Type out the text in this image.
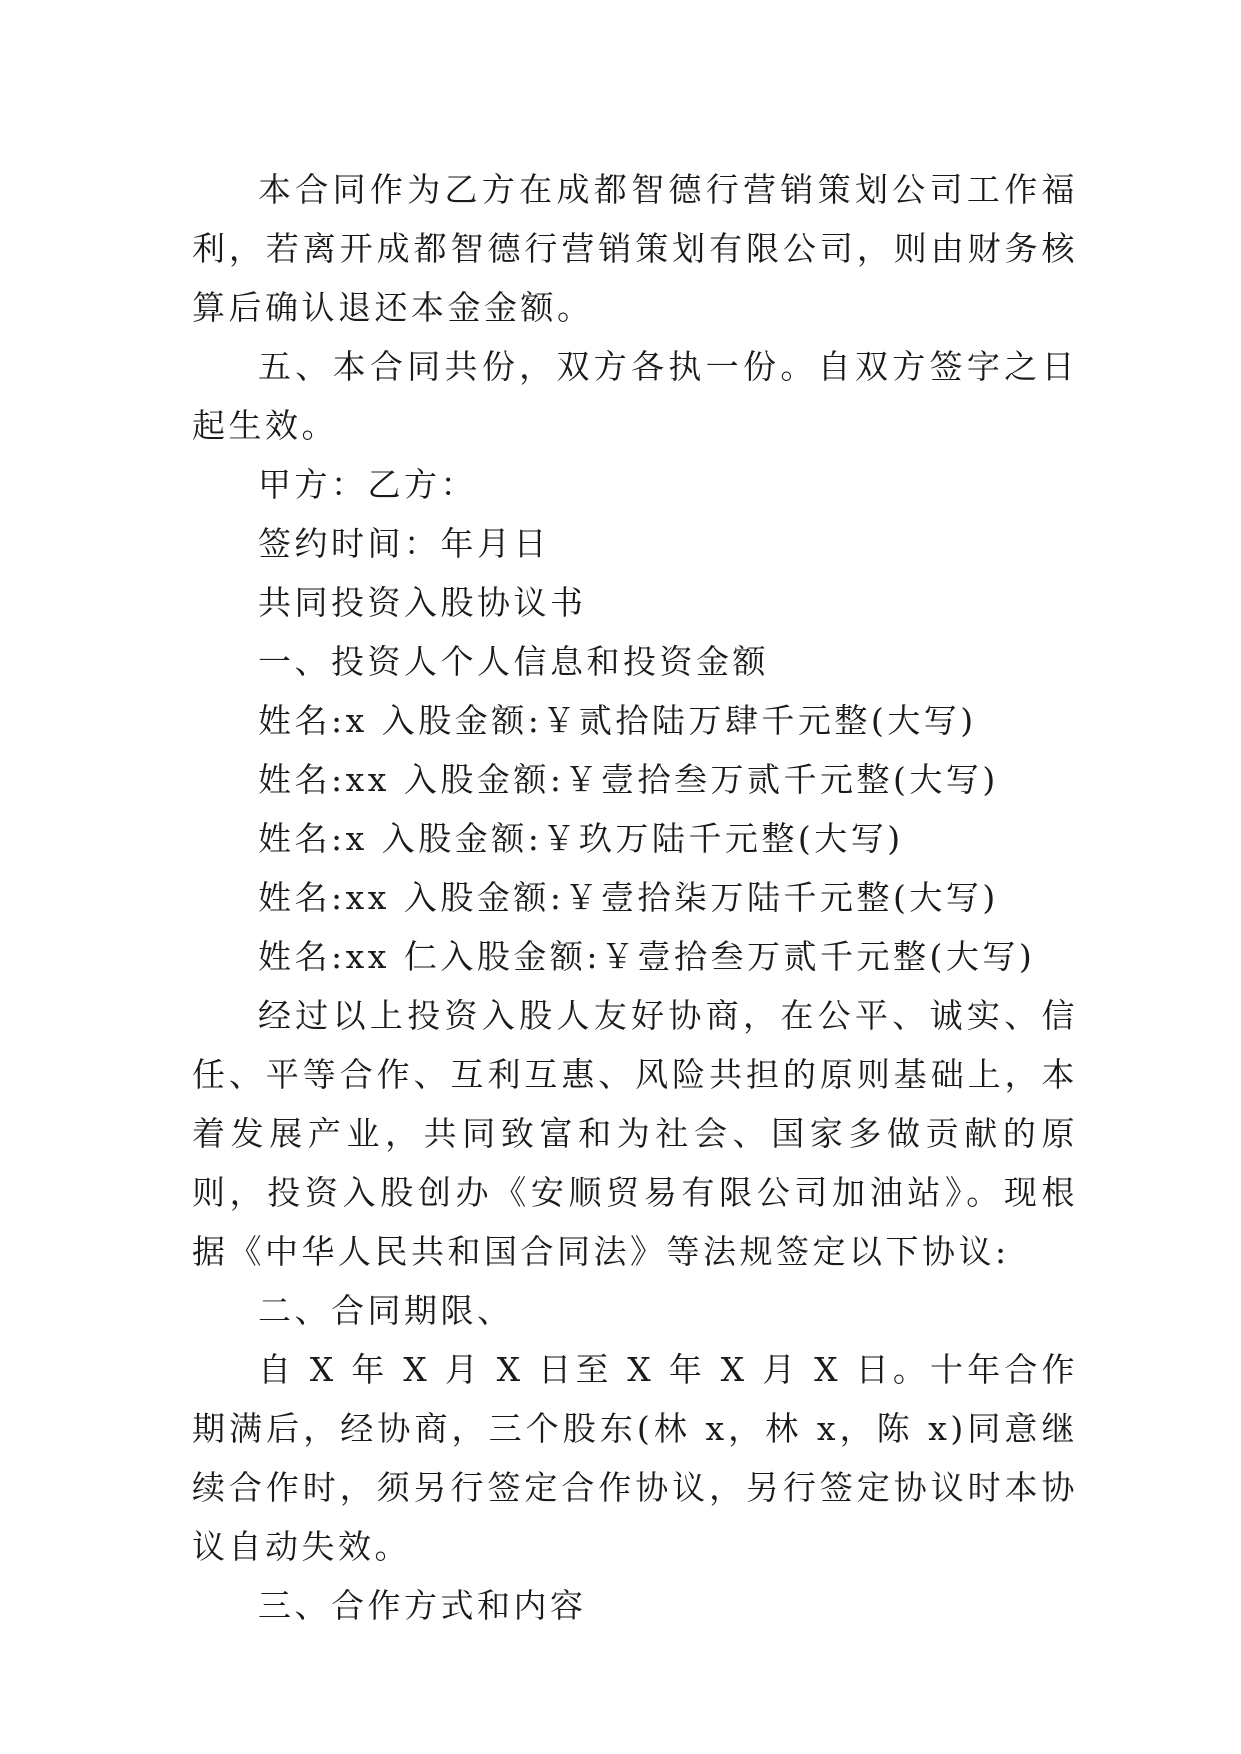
本合同作为乙方在成都智德行营销策划公司工作福利，若离开成都智德行营销策划有限公司，则由财务核算后确认退还本金金额。

五、本合同共份，双方各执一份。自双方签字之日起生效。

甲方：乙方：

签约时间：年月日

共同投资入股协议书

一、投资人个人信息和投资金额

姓名:x 入股金额:￥贰拾陆万肆千元整(大写)

姓名:xx 入股金额:￥壹拾叁万贰千元整(大写)

姓名:x 入股金额:￥玖万陆千元整(大写)

姓名:xx 入股金额:￥壹拾柒万陆千元整(大写)

姓名:xx 仁入股金额:￥壹拾叁万贰千元整(大写)

经过以上投资入股人友好协商，在公平、诚实、信任、平等合作、互利互惠、风险共担的原则基础上，本着发展产业，共同致富和为社会、国家多做贡献的原则，投资入股创办《安顺贸易有限公司加油站》。现根据《中华人民共和国合同法》等法规签定以下协议:

二、合同期限、

自 X 年 X 月 X 日至 X 年 X 月 X 日。十年合作期满后，经协商，三个股东(林 x，林 x，陈 x)同意继续合作时，须另行签定合作协议，另行签定协议时本协议自动失效。

三、合作方式和内容
